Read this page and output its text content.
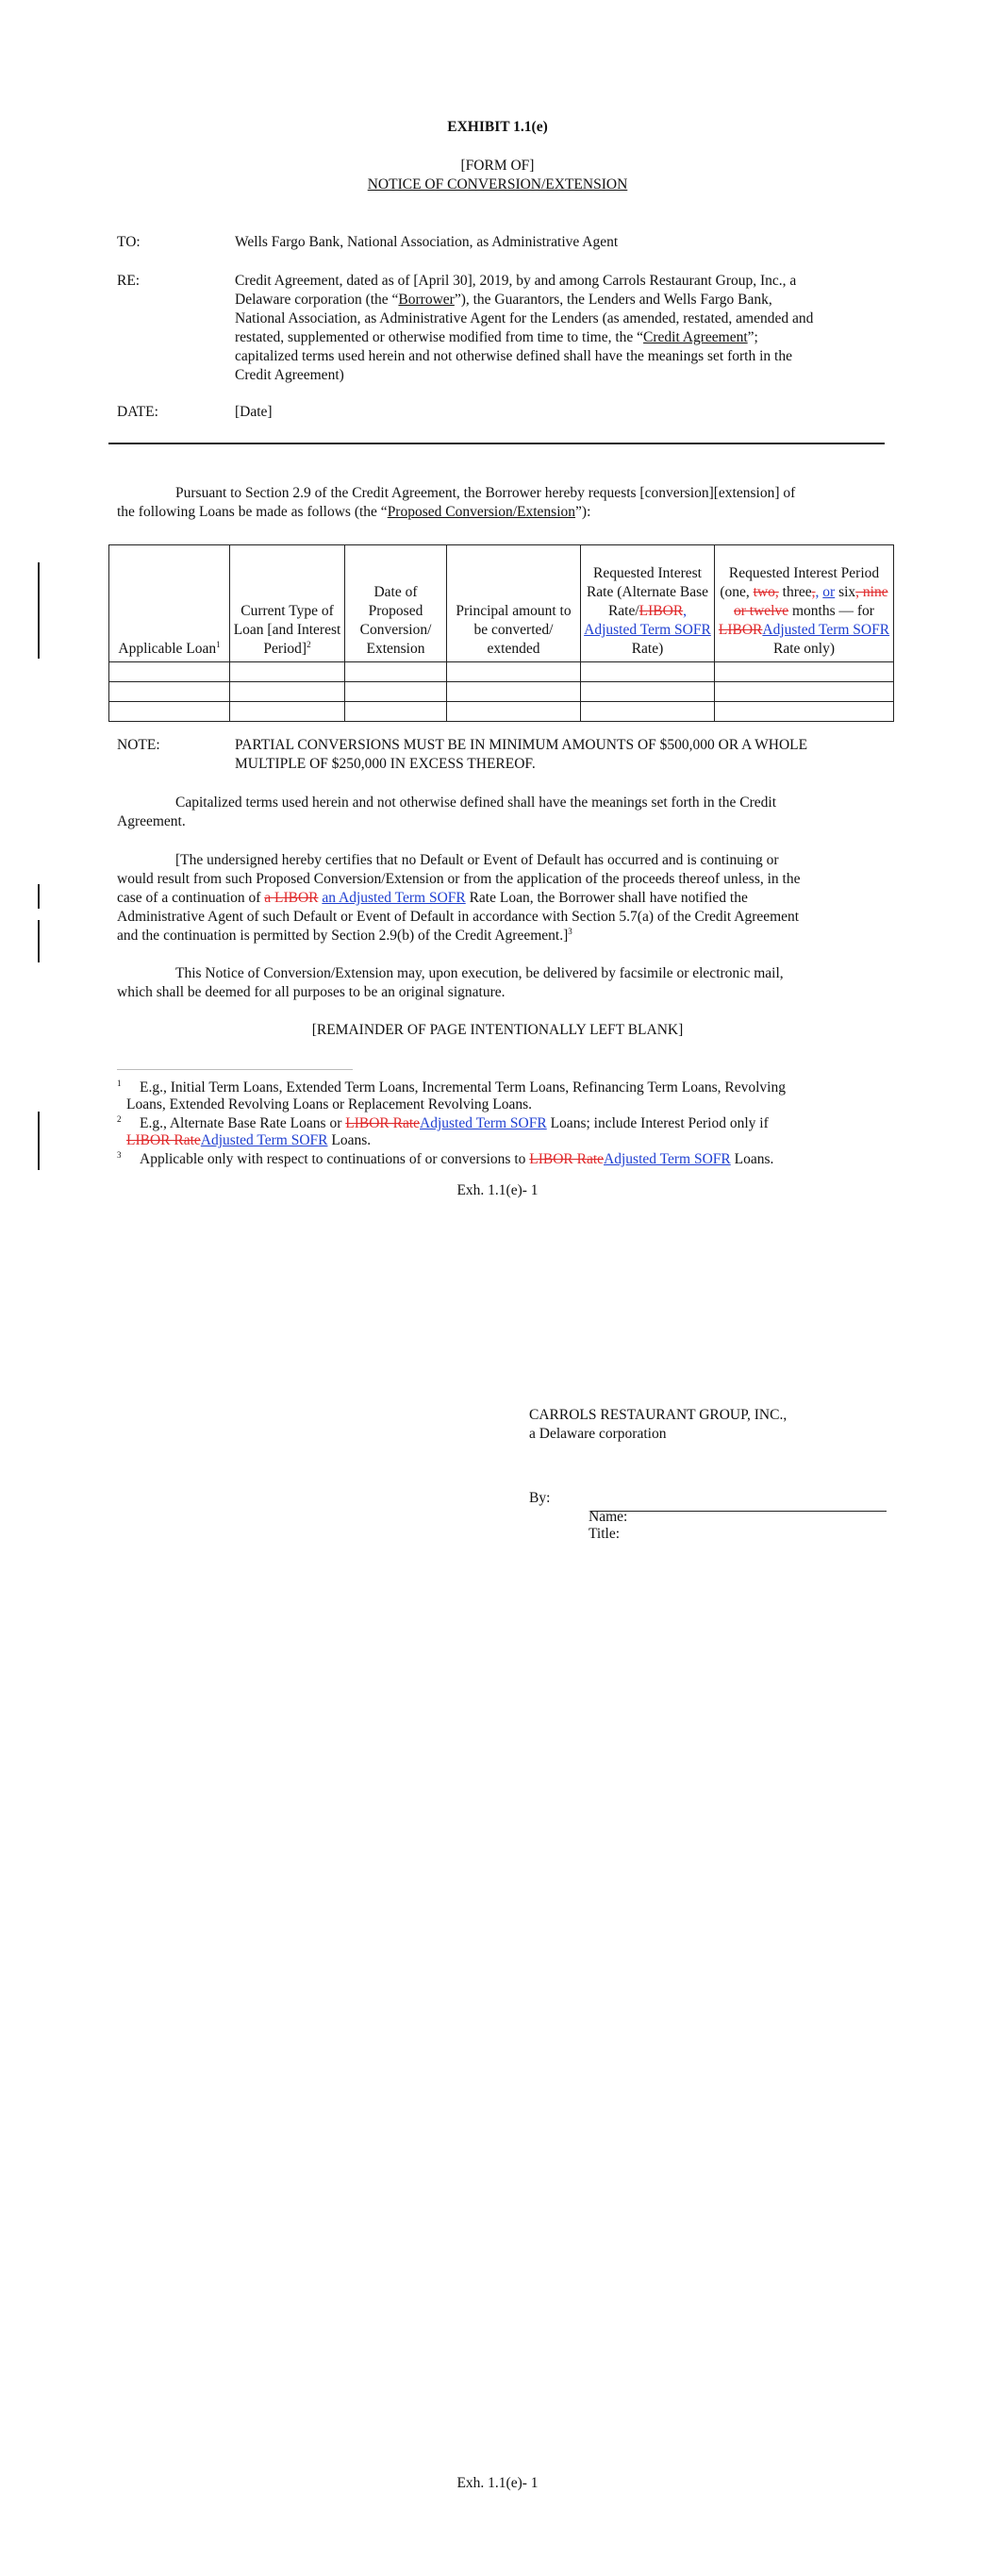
EXHIBIT 1.1(e)
[FORM OF]
NOTICE OF CONVERSION/EXTENSION
TO:	Wells Fargo Bank, National Association, as Administrative Agent
RE:	Credit Agreement, dated as of [April 30], 2019, by and among Carrols Restaurant Group, Inc., a
Delaware corporation (the “Borrower”), the Guarantors, the Lenders and Wells Fargo Bank,
National Association, as Administrative Agent for the Lenders (as amended, restated, amended and
restated, supplemented or otherwise modified from time to time, the “Credit Agreement”;
capitalized terms used herein and not otherwise defined shall have the meanings set forth in the
Credit Agreement)
DATE:	[Date]
Pursuant to Section 2.9 of the Credit Agreement, the Borrower hereby requests [conversion][extension] of
the following Loans be made as follows (the “Proposed Conversion/Extension”):
Applicable Loan$^1$	Current Type of Loan [and Interest Period]$^2$	Date of Proposed Conversion/ Extension	Principal amount to be converted/ extended	Requested Interest Rate (Alternate Base Rate/LIBOR, Adjusted Term SOFR Rate)	Requested Interest Period (one, two, three,, or six, nine or twelve months — for LIBORAdjusted Term SOFR Rate only)

NOTE:	PARTIAL CONVERSIONS MUST BE IN MINIMUM AMOUNTS OF $500,000 OR A WHOLE
MULTIPLE OF $250,000 IN EXCESS THEREOF.
Capitalized terms used herein and not otherwise defined shall have the meanings set forth in the Credit
Agreement.
[The undersigned hereby certifies that no Default or Event of Default has occurred and is continuing or
would result from such Proposed Conversion/Extension or from the application of the proceeds thereof unless, in the
case of a continuation of a LIBOR an Adjusted Term SOFR Rate Loan, the Borrower shall have notified the
Administrative Agent of such Default or Event of Default in accordance with Section 5.7(a) of the Credit Agreement
and the continuation is permitted by Section 2.9(b) of the Credit Agreement.]$^3$
This Notice of Conversion/Extension may, upon execution, be delivered by facsimile or electronic mail,
which shall be deemed for all purposes to be an original signature.
[REMAINDER OF PAGE INTENTIONALLY LEFT BLANK]
1 E.g., Initial Term Loans, Extended Term Loans, Incremental Term Loans, Refinancing Term Loans, Revolving
Loans, Extended Revolving Loans or Replacement Revolving Loans.
2 E.g., Alternate Base Rate Loans or LIBOR RateAdjusted Term SOFR Loans; include Interest Period only if
LIBOR RateAdjusted Term SOFR Loans.
3 Applicable only with respect to continuations of or conversions to LIBOR RateAdjusted Term SOFR Loans.
Exh. 1.1(e)- 1
CARROLS RESTAURANT GROUP, INC.,
a Delaware corporation
By:
Name:
Title:
Exh. 1.1(e)- 1
